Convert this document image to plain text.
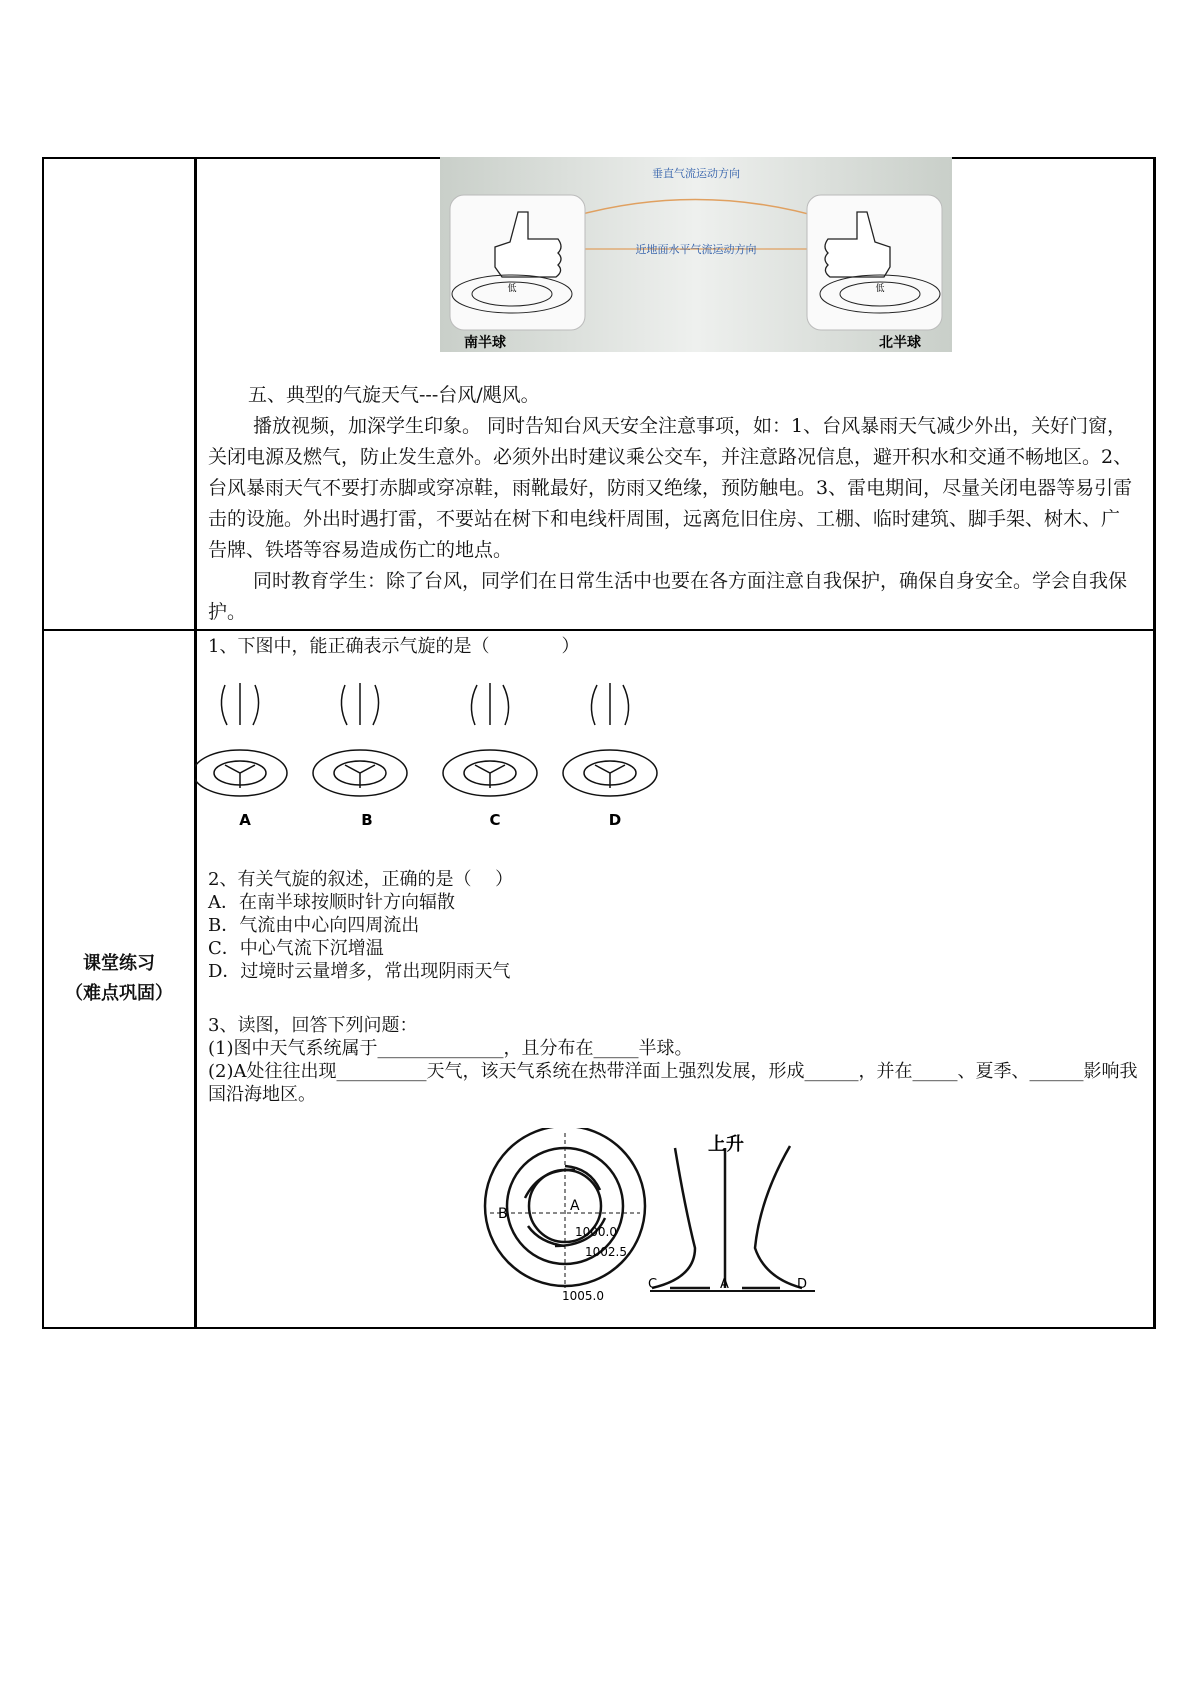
课堂练习
（难点巩固）
垂直气流运动方向
近地面水平气流运动方向
低
南半球
低
北半球

五、典型的气旋天气---台风/飓风。

播放视频，加深学生印象。 同时告知台风天安全注意事项，如：1、台风暴雨天气减少外出，关好门窗，关闭电源及燃气，防止发生意外。必须外出时建议乘公交车，并注意路况信息，避开积水和交通不畅地区。2、台风暴雨天气不要打赤脚或穿凉鞋，雨靴最好，防雨又绝缘，预防触电。3、雷电期间，尽量关闭电器等易引雷击的设施。外出时遇打雷，不要站在树下和电线杆周围，远离危旧住房、工棚、临时建筑、脚手架、树木、广告牌、铁塔等容易造成伤亡的地点。

同时教育学生：除了台风，同学们在日常生活中也要在各方面注意自我保护，确保自身安全。学会自我保护。

1、下图中，能正确表示气旋的是（　　　　）
A	B	C	D
2、有关气旋的叙述，正确的是（　 ）
A．在南半球按顺时针方向辐散
B．气流由中心向四周流出
C．中心气流下沉增温
D．过境时云量增多，常出现阴雨天气
3、读图，回答下列问题：
(1)图中天气系统属于______________，且分布在_____半球。
(2)A处往往出现__________天气，该天气系统在热带洋面上强烈发展，形成______，并在_____、夏季、______影响我国沿海地区。
A
B
1000.0
1002.5
1005.0
上升
C	A	D
